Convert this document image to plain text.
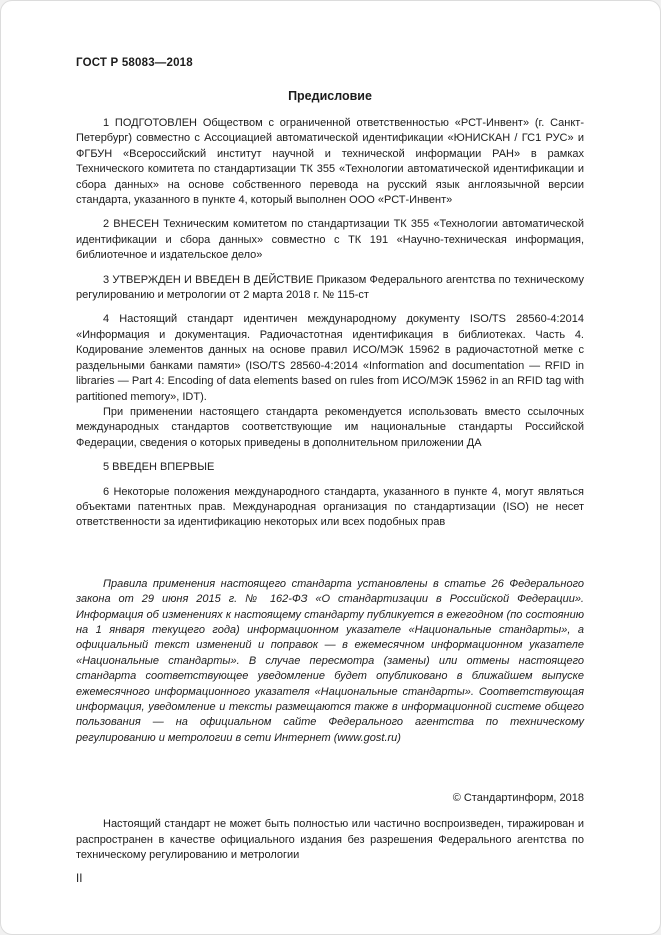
ГОСТ Р 58083—2018
Предисловие

1 ПОДГОТОВЛЕН Обществом с ограниченной ответственностью «РСТ-Инвент» (г. Санкт-Петербург) совместно с Ассоциацией автоматической идентификации «ЮНИСКАН / ГС1 РУС» и ФГБУН «Всероссийский институт научной и технической информации РАН» в рамках Технического комитета по стандартизации ТК 355 «Технологии автоматической идентификации и сбора данных» на основе собственного перевода на русский язык англоязычной версии стандарта, указанного в пункте 4, который выполнен ООО «РСТ-Инвент»

2 ВНЕСЕН Техническим комитетом по стандартизации ТК 355 «Технологии автоматической идентификации и сбора данных» совместно с ТК 191 «Научно-техническая информация, библиотечное и издательское дело»

3 УТВЕРЖДЕН И ВВЕДЕН В ДЕЙСТВИЕ Приказом Федерального агентства по техническому регулированию и метрологии от 2 марта 2018 г. № 115-ст

4 Настоящий стандарт идентичен международному документу ISO/TS 28560-4:2014 «Информация и документация. Радиочастотная идентификация в библиотеках. Часть 4. Кодирование элементов данных на основе правил ИСО/МЭК 15962 в радиочастотной метке с раздельными банками памяти» (ISO/TS 28560-4:2014 «Information and documentation — RFID in libraries — Part 4: Encoding of data elements based on rules from ИСО/МЭК 15962 in an RFID tag with partitioned memory», IDT).

При применении настоящего стандарта рекомендуется использовать вместо ссылочных международных стандартов соответствующие им национальные стандарты Российской Федерации, сведения о которых приведены в дополнительном приложении ДА

5 ВВЕДЕН ВПЕРВЫЕ

6 Некоторые положения международного стандарта, указанного в пункте 4, могут являться объектами патентных прав. Международная организация по стандартизации (ISO) не несет ответственности за идентификацию некоторых или всех подобных прав

Правила применения настоящего стандарта установлены в статье 26 Федерального закона от 29 июня 2015 г. № 162-ФЗ «О стандартизации в Российской Федерации». Информация об изменениях к настоящему стандарту публикуется в ежегодном (по состоянию на 1 января текущего года) информационном указателе «Национальные стандарты», а официальный текст изменений и поправок — в ежемесячном информационном указателе «Национальные стандарты». В случае пересмотра (замены) или отмены настоящего стандарта соответствующее уведомление будет опубликовано в ближайшем выпуске ежемесячного информационного указателя «Национальные стандарты». Соответствующая информация, уведомление и тексты размещаются также в информационной системе общего пользования — на официальном сайте Федерального агентства по техническому регулированию и метрологии в сети Интернет (www.gost.ru)

© Стандартинформ, 2018

Настоящий стандарт не может быть полностью или частично воспроизведен, тиражирован и распространен в качестве официального издания без разрешения Федерального агентства по техническому регулированию и метрологии

II
